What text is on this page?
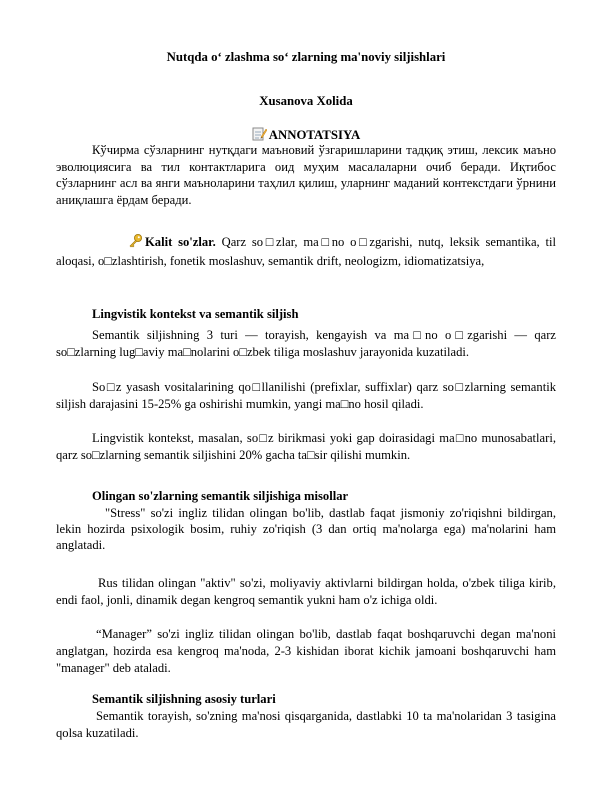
Nutqda o‘ zlashma so‘ zlarning ma'noviy siljishlari
Xusanova Xolida
ANNOTATSIYA
Кўчирма сўзларнинг нутқдаги маъновий ўзгаришларини тадқиқ этиш, лексик маъно эволюциясига ва тил контактларига оид муҳим масалаларни очиб беради. Иқтибос сўзларнинг асл ва янги маъноларини таҳлил қилиш, уларнинг маданий контекстдаги ўрнини аниқлашга ёрдам беради.
Kalit so'zlar. Qarz so□zlar, ma□no o□zgarishi, nutq, leksik semantika, til aloqasi, o□zlashtirish, fonetik moslashuv, semantik drift, neologizm, idiomatizatsiya,
Lingvistik kontekst va semantik siljish
Semantik siljishning 3 turi — torayish, kengayish va ma□no o□zgarishi — qarz so□zlarning lug□aviy ma□nolarini o□zbek tiliga moslashuv jarayonida kuzatiladi.
So□z yasash vositalarining qo□llanilishi (prefixlar, suffixlar) qarz so□zlarning semantik siljish darajasini 15-25% ga oshirishi mumkin, yangi ma□no hosil qiladi.
Lingvistik kontekst, masalan, so□z birikmasi yoki gap doirasidagi ma□no munosabatlari, qarz so□zlarning semantik siljishini 20% gacha ta□sir qilishi mumkin.
Olingan so'zlarning semantik siljishiga misollar
"Stress" so'zi ingliz tilidan olingan bo'lib, dastlab faqat jismoniy zo'riqishni bildirgan, lekin hozirda psixologik bosim, ruhiy zo'riqish (3 dan ortiq ma'nolarga ega) ma'nolarini ham anglatadi.
Rus tilidan olingan "aktiv" so'zi, moliyaviy aktivlarni bildirgan holda, o'zbek tiliga kirib, endi faol, jonli, dinamik degan kengroq semantik yukni ham o'z ichiga oldi.
“Manager” so'zi ingliz tilidan olingan bo'lib, dastlab faqat boshqaruvchi degan ma'noni anglatgan, hozirda esa kengroq ma'noda, 2-3 kishidan iborat kichik jamoani boshqaruvchi ham "manager" deb ataladi.
Semantik siljishning asosiy turlari
Semantik torayish, so'zning ma'nosi qisqarganida, dastlabki 10 ta ma'nolaridan 3 tasigina qolsa kuzatiladi.
